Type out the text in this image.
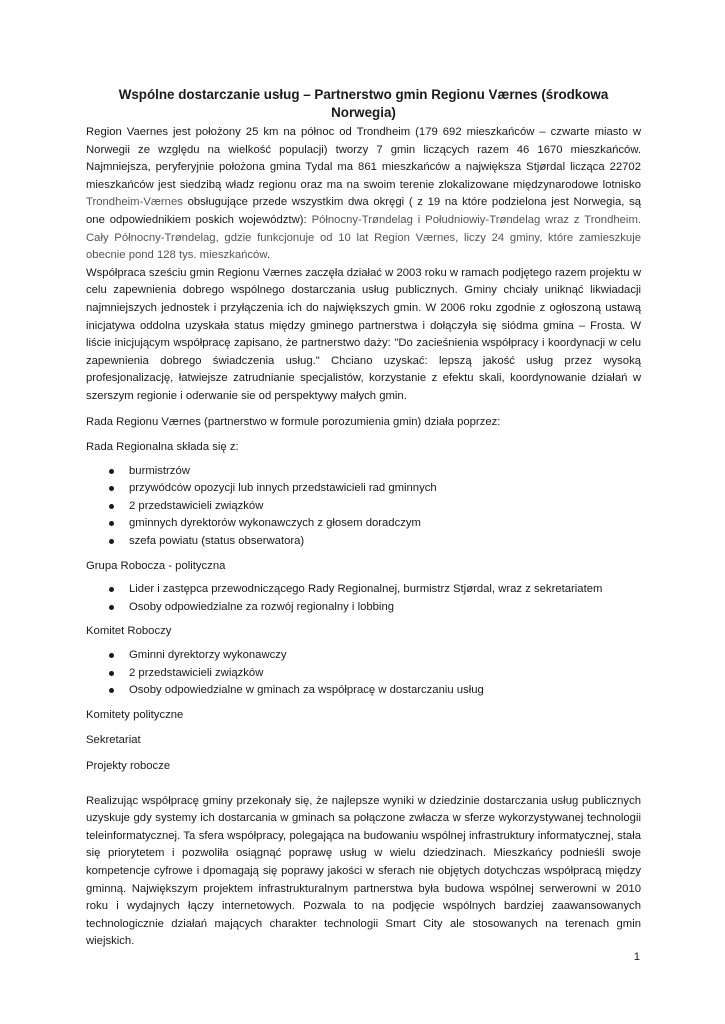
Wspólne dostarczanie usług – Partnerstwo gmin Regionu Værnes (środkowa Norwegia)

Region Vaernes jest położony 25 km na północ od Trondheim (179 692 mieszkańców – czwarte miasto w Norwegii ze względu na wielkość populacji) tworzy 7 gmin liczących razem 46 1670 mieszkańców. Najmniejsza, peryferyjnie położona gmina Tydal ma 861 mieszkańców a największa Stjørdal licząca 22702 mieszkańców jest siedzibą władz regionu oraz ma na swoim terenie zlokalizowane międzynarodowe lotnisko Trondheim-Værnes obsługujące przede wszystkim dwa okręgi ( z 19 na które podzielona jest Norwegia, są one odpowiednikiem poskich województw): Północny-Trøndelag i Południowiy-Trøndelag wraz z Trondheim. Cały Północny-Trøndelag, gdzie funkcjonuje od 10 lat Region Værnes, liczy 24 gminy, które zamieszkuje obecnie pond 128 tys. mieszkańców.

Współpraca sześciu gmin Regionu Værnes zaczęła działać w 2003 roku w ramach podjętego razem projektu w celu zapewnienia dobrego wspólnego dostarczania usług publicznych. Gminy chciały uniknąć likwiadacji najmniejszych jednostek i przyłączenia ich do największych gmin. W 2006 roku zgodnie z ogłoszoną ustawą inicjatywa oddolna uzyskała status między gminego partnerstwa i dołączyła się siódma gmina – Frosta. W liście inicjującym współpracę zapisano, że partnerstwo daży: "Do zacieśnienia współpracy i koordynacji w celu zapewnienia dobrego świadczenia usług." Chciano uzyskać: lepszą jakość usług przez wysoką profesjonalizację, łatwiejsze zatrudnianie specjalistów, korzystanie z efektu skali, koordynowanie działań w szerszym regionie i oderwanie sie od perspektywy małych gmin.

Rada Regionu Værnes (partnerstwo w formule porozumienia gmin) działa poprzez:

Rada Regionalna składa się z:

burmistrzów
przywódców opozycji lub innych przedstawicieli rad gminnych
2 przedstawicieli związków
gminnych dyrektorów wykonawczych z głosem doradczym
szefa powiatu (status obserwatora)

Grupa Robocza - polityczna

Lider i zastępca przewodniczącego Rady Regionalnej, burmistrz Stjørdal, wraz z sekretariatem
Osoby odpowiedzialne za rozwój regionalny i lobbing

Komitet Roboczy

Gminni dyrektorzy wykonawczy
2 przedstawicieli związków
Osoby odpowiedzialne w gminach za współpracę w dostarczaniu usług

Komitety polityczne

Sekretariat

Projekty robocze

Realizując współpracę gminy przekonały się, że najlepsze wyniki w dziedzinie dostarczania usług publicznych uzyskuje gdy systemy ich dostarcania w gminach sa połączone zwłacza w sferze wykorzystywanej technologii teleinformatycznej. Ta sfera współpracy, polegająca na budowaniu wspólnej infrastruktury informatycznej, stała się priorytetem i pozwoliła osiągnąć poprawę usług w wielu dziedzinach. Mieszkańcy podnieśli swoje kompetencje cyfrowe i dpomagają się poprawy jakości w sferach nie objętych dotychczas współpracą między gminną. Największym projektem infrastrukturalnym partnerstwa była budowa wspólnej serwerowni w 2010 roku i wydajnych łączy internetowych. Pozwala to na podjęcie wspólnych bardziej zaawansowanych technologicznie działań mających charakter technologii Smart City ale stosowanych na terenach gmin wiejskich.

1
